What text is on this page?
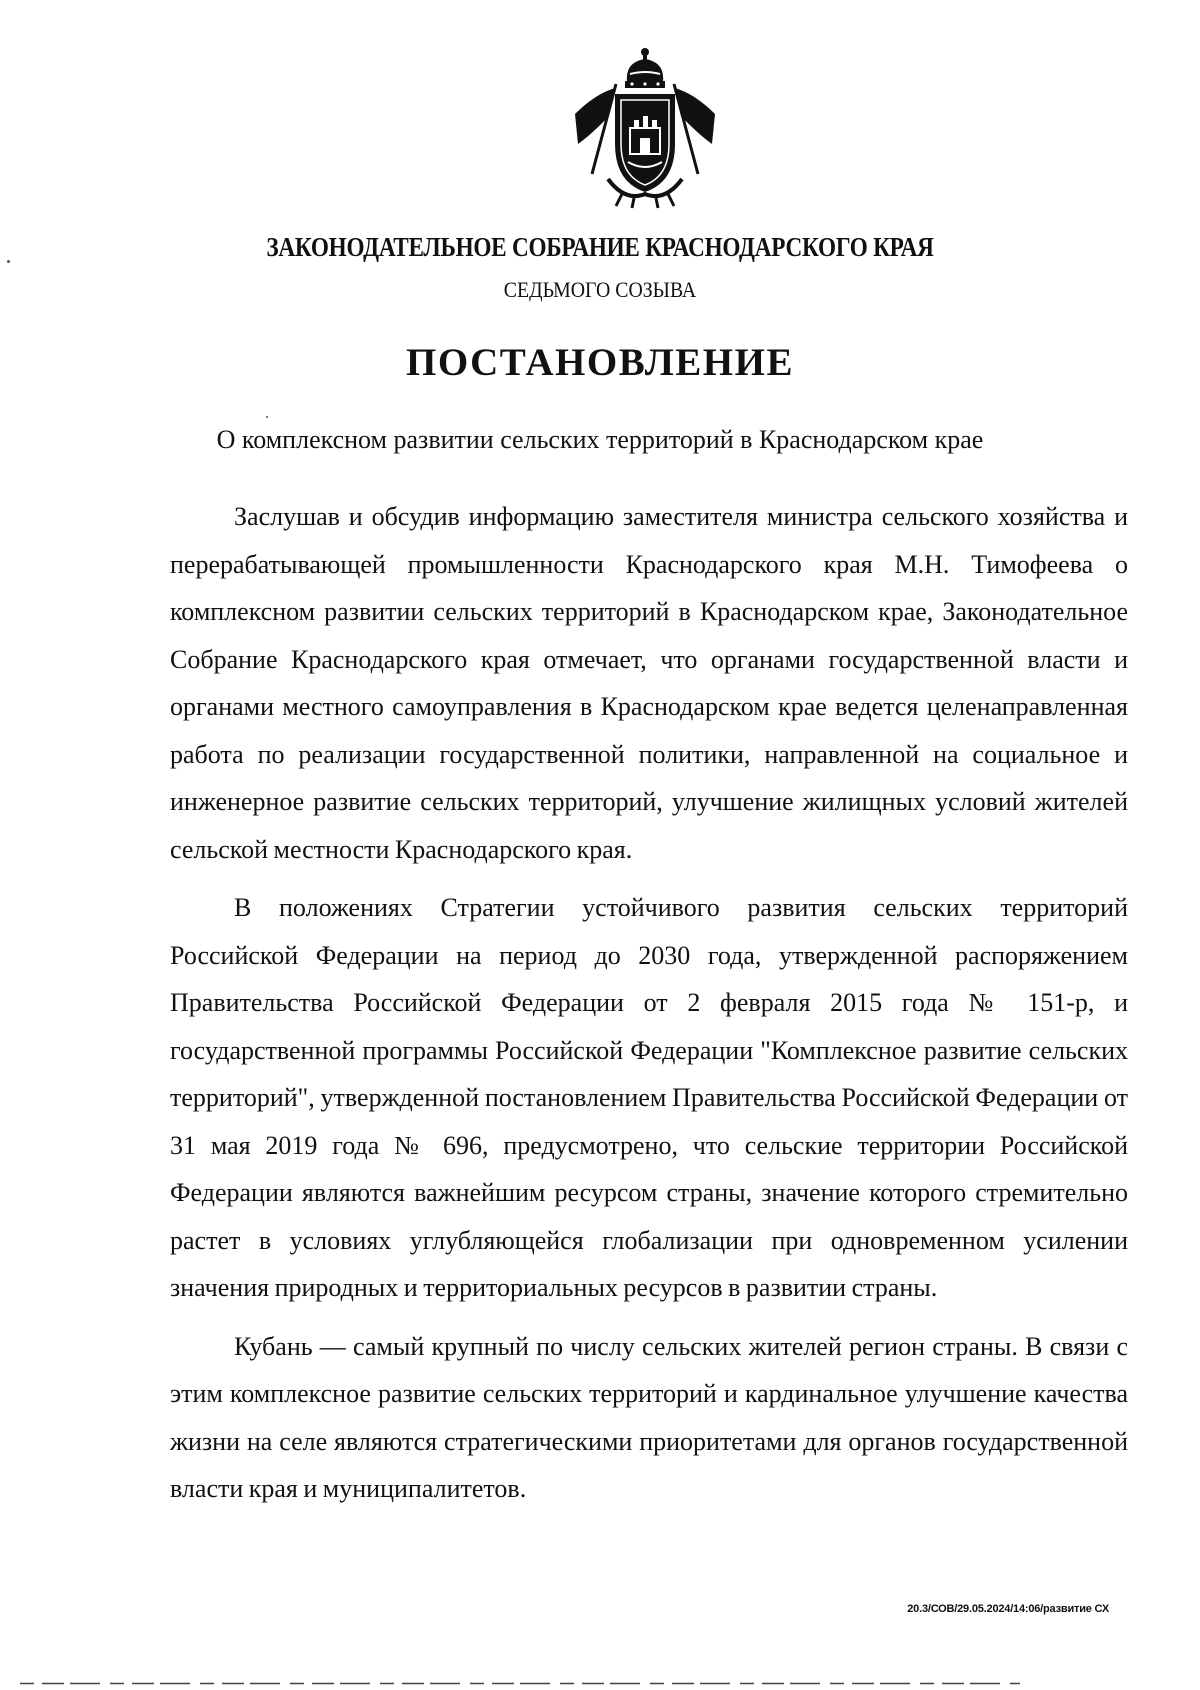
ЗАКОНОДАТЕЛЬНОЕ СОБРАНИЕ КРАСНОДАРСКОГО КРАЯ
СЕДЬМОГО СОЗЫВА
ПОСТАНОВЛЕНИЕ
О комплексном развитии сельских территорий в Краснодарском крае

Заслушав и обсудив информацию заместителя министра сельского хозяйства и перерабатывающей промышленности Краснодарского края М.Н. Тимофеева о комплексном развитии сельских территорий в Краснодарском крае, Законодательное Собрание Краснодарского края отмечает, что органами государственной власти и органами местного самоуправления в Краснодарском крае ведется целенаправленная работа по реализации государственной политики, направленной на социальное и инженерное развитие сельских территорий, улучшение жилищных условий жителей сельской местности Краснодарского края.

В положениях Стратегии устойчивого развития сельских территорий Российской Федерации на период до 2030 года, утвержденной распоряжением Правительства Российской Федерации от 2 февраля 2015 года № 151-р, и государственной программы Российской Федерации "Комплексное развитие сельских территорий", утвержденной постановлением Правительства Российской Федерации от 31 мая 2019 года № 696, предусмотрено, что сельские территории Российской Федерации являются важнейшим ресурсом страны, значение которого стремительно растет в условиях углубляющейся глобализации при одновременном усилении значения природных и территориальных ресурсов в развитии страны.

Кубань — самый крупный по числу сельских жителей регион страны. В связи с этим комплексное развитие сельских территорий и кардинальное улучшение качества жизни на селе являются стратегическими приоритетами для органов государственной власти края и муниципалитетов.

20.3/СОВ/29.05.2024/14:06/развитие СХ
